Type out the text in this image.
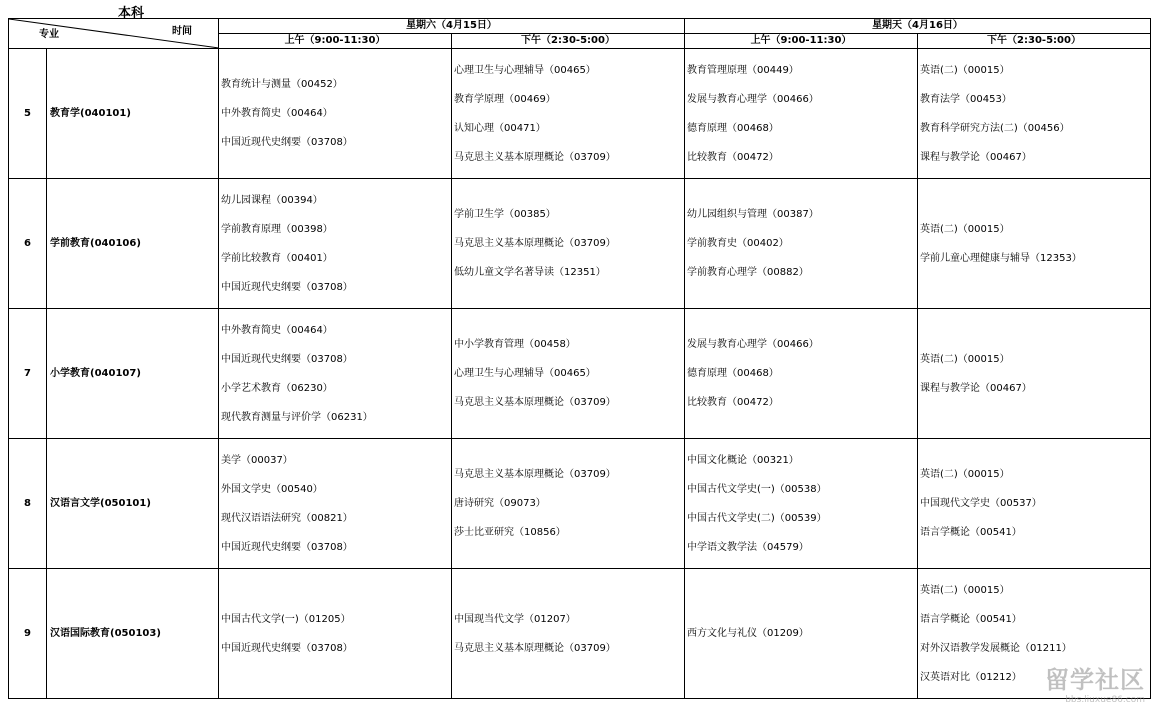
本科
时间
专业		星期六（4月15日）		星期天（4月16日）	
		上午（9:00-11:30）	下午（2:30-5:00）	上午（9:00-11:30）	下午（2:30-5:00）
5	教育学(040101)	教育统计与测量（00452）
中外教育简史（00464）
中国近现代史纲要（03708）	心理卫生与心理辅导（00465）
教育学原理（00469）
认知心理（00471）
马克思主义基本原理概论（03709）	教育管理原理（00449）
发展与教育心理学（00466）
德育原理（00468）
比较教育（00472）	英语(二)（00015）
教育法学（00453）
教育科学研究方法(二)（00456）
课程与教学论（00467）

6	学前教育(040106)	幼儿园课程（00394）
学前教育原理（00398）
学前比较教育（00401）
中国近现代史纲要（03708）	学前卫生学（00385）
马克思主义基本原理概论（03709）
低幼儿童文学名著导读（12351）	幼儿园组织与管理（00387）
学前教育史（00402）
学前教育心理学（00882）	英语(二)（00015）
学前儿童心理健康与辅导（12353）

7	小学教育(040107)	中外教育简史（00464）
中国近现代史纲要（03708）
小学艺术教育（06230）
现代教育测量与评价学（06231）	中小学教育管理（00458）
心理卫生与心理辅导（00465）
马克思主义基本原理概论（03709）	发展与教育心理学（00466）
德育原理（00468）
比较教育（00472）	英语(二)（00015）
课程与教学论（00467）

8	汉语言文学(050101)	美学（00037）
外国文学史（00540）
现代汉语语法研究（00821）
中国近现代史纲要（03708）	马克思主义基本原理概论（03709）
唐诗研究（09073）
莎士比亚研究（10856）	中国文化概论（00321）
中国古代文学史(一)（00538）
中国古代文学史(二)（00539）
中学语文教学法（04579）	英语(二)（00015）
中国现代文学史（00537）
语言学概论（00541）

9	汉语国际教育(050103)	中国古代文学(一)（01205）
中国近现代史纲要（03708）	中国现当代文学（01207）
马克思主义基本原理概论（03709）	西方文化与礼仪（01209）	英语(二)（00015）
语言学概论（00541）
对外汉语教学发展概论（01211）
汉英语对比（01212） 留学社区
bbs.liuxue86.com
